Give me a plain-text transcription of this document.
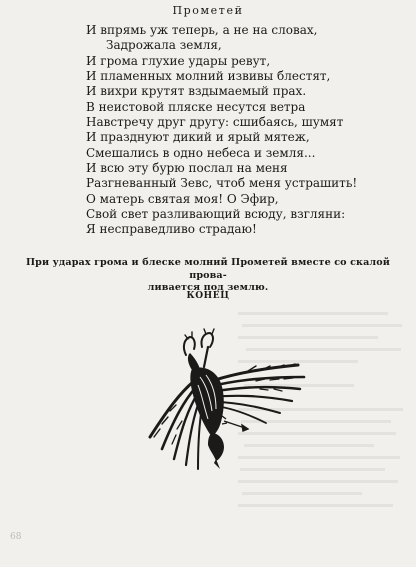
Прометей
И впрямь уж теперь, а не на словах,
Задрожала земля,
И грома глухие удары ревут,
И пламенных молний извивы блестят,
И вихри крутят вздымаемый прах.
В неистовой пляске несутся ветра
Навстречу друг другу: сшибаясь, шумят
И празднуют дикий и ярый мятеж,
Смешались в одно небеса и земля...
И всю эту бурю послал на меня
Разгневанный Зевс, чтоб меня устрашить!
О матерь святая моя! О Эфир,
Свой свет разливающий всюду, взгляни:
Я несправедливо страдаю!
При ударах грома и блеске молний Прометей вместе со скалой прова-
ливается под землю.
КОНЕЦ
68
